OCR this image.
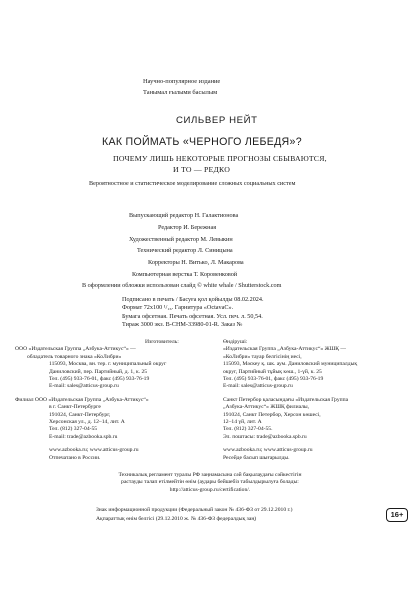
Научно-популярное издание
Танымал ғылыми басылым
СИЛЬВЕР НЕЙТ
КАК ПОЙМАТЬ «ЧЕРНОГО ЛЕБЕДЯ»?
ПОЧЕМУ ЛИШЬ НЕКОТОРЫЕ ПРОГНОЗЫ СБЫВАЮТСЯ,
И ТО — РЕДКО
Вероятностное и статистическое моделирование сложных социальных систем
Выпускающий редактор Н. Галактионова
Редактор И. Бережная
Художественный редактор М. Левыкин
Технический редактор Л. Синицына
Корректоры Н. Витько, Л. Макарова
Компьютерная верстка Т. Коровенковой
В оформлении обложки использован слайд © white whale / Shutterstock.com
Подписано в печать / Басуға қол қойылды 08.02.2024.
Формат 72х100 ¹/₁₆. Гарнитура «OctavaC».
Бумага офсетная. Печать офсетная. Усл. печ. л. 50,54.
Тираж 3000 экз. B-CHM-33980-01-R. Заказ №
Изготовитель:
ООО «Издательская Группа „Азбука-Аттикус“» —
обладатель товарного знака «КоЛибри»
115093, Москва, вн. тер. г. муниципальный округ
Даниловский, пер. Партийный, д. 1, к. 25
Тел. (495) 933-76-01, факс (495) 933-76-19
E-mail: sales@atticus-group.ru
Филиал ООО «Издательская Группа „Азбука-Аттикус“»
в г. Санкт-Петербурге
191024, Санкт-Петербург,
Херсонская ул., д. 12–14, лит. А
Тел. (812) 327-04-55
E-mail: trade@azbooka.spb.ru
www.azbooka.ru; www.atticus-group.ru
Отпечатано в России.
Өндіруші:
«Издательская Группа „Азбука-Аттикус“» ЖШҚ —
«КоЛибри» тауар белгісінің иесі,
115093, Мәскеу қ. шк. аум. Даниловский муниципалдық
округ, Партийный тұйық көш., 1-үй, к. 25
Тел. (495) 933-76-01, факс (495) 933-76-19
E-mail: sales@atticus-group.ru
Санкт Петербор қаласындағы «Издательская Группа
„Азбука-Аттикус“» ЖШҚ филиалы,
191024, Санкт Петербор, Херсон көшесі,
12–14 үй, лит. А
Тел. (812) 327-04-55.
Эл. поштасы: trade@azbooka.spb.ru
www.azbooka.ru; www.atticus-group.ru
Ресейде басып шығарылды.
Техникалық регламент туралы РФ заңнамасына сәй бақылаудағы сәйкестігін
растауды талап етілмейтін өнім (аудары бейшебіз табылдырылуға болады:
http://atticus-group.ru/certification/.
Знак информационной продукции (Федеральный закон № 436-ФЗ от 29.12.2010 г.)
Ақпараттық өнім белгісі (29.12.2010 ж. № 436-ФЗ федералдық заң)	16+
